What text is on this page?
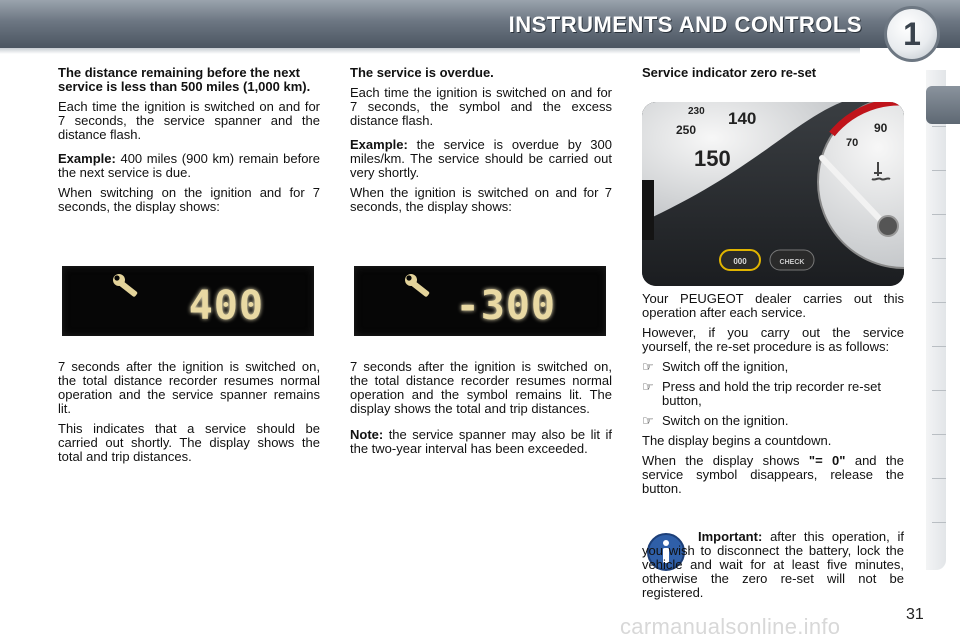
INSTRUMENTS AND CONTROLS	1
The distance remaining before the next service is less than 500 miles (1,000 km).

Each time the ignition is switched on and for 7 seconds, the service spanner and the distance flash.

Example: 400 miles (900 km) remain before the next service is due.

When switching on the ignition and for 7 seconds, the display shows:

400

7 seconds after the ignition is switched on, the total distance recorder resumes normal operation and the service spanner remains lit.

This indicates that a service should be carried out shortly. The display shows the total and trip distances.

The service is overdue.

Each time the ignition is switched on and for 7 seconds, the symbol and the excess distance flash.

Example: the service is overdue by 300 miles/km. The service should be carried out very shortly.

When the ignition is switched on and for 7 seconds, the display shows:

-300

7 seconds after the ignition is switched on, the total distance recorder resumes normal operation and the symbol remains lit. The display shows the total and trip distances.

Note: the service spanner may also be lit if the two-year interval has been exceeded.

Service indicator zero re-set
230
250
140
150
90
70
000	CHECK

Your PEUGEOT dealer carries out this operation after each service.

However, if you carry out the service yourself, the re-set procedure is as follows:

☞ Switch off the ignition,

☞ Press and hold the trip recorder re-set button,

☞ Switch on the ignition.

The display begins a countdown.

When the display shows "= 0" and the service symbol disappears, release the button.

Important: after this operation, if you wish to disconnect the battery, lock the vehicle and wait for at least five minutes, otherwise the zero re-set will not be registered.

carmanualsonline.info	31
